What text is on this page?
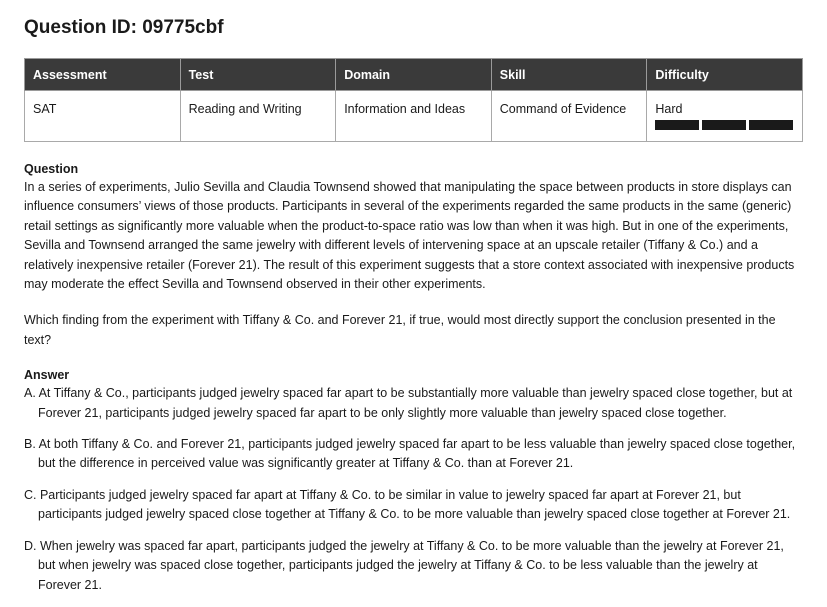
Question ID: 09775cbf
Assessment	Test	Domain	Skill	Difficulty
SAT	Reading and Writing	Information and Ideas	Command of Evidence	Hard
Question

In a series of experiments, Julio Sevilla and Claudia Townsend showed that manipulating the space between products in store displays can influence consumers’ views of those products. Participants in several of the experiments regarded the same products in the same (generic) retail settings as significantly more valuable when the product-to-space ratio was low than when it was high. But in one of the experiments, Sevilla and Townsend arranged the same jewelry with different levels of intervening space at an upscale retailer (Tiffany & Co.) and a relatively inexpensive retailer (Forever 21). The result of this experiment suggests that a store context associated with inexpensive products may moderate the effect Sevilla and Townsend observed in their other experiments.

Which finding from the experiment with Tiffany & Co. and Forever 21, if true, would most directly support the conclusion presented in the text?

Answer
A. At Tiffany & Co., participants judged jewelry spaced far apart to be substantially more valuable than jewelry spaced close together, but at Forever 21, participants judged jewelry spaced far apart to be only slightly more valuable than jewelry spaced close together.
B. At both Tiffany & Co. and Forever 21, participants judged jewelry spaced far apart to be less valuable than jewelry spaced close together, but the difference in perceived value was significantly greater at Tiffany & Co. than at Forever 21.
C. Participants judged jewelry spaced far apart at Tiffany & Co. to be similar in value to jewelry spaced far apart at Forever 21, but participants judged jewelry spaced close together at Tiffany & Co. to be more valuable than jewelry spaced close together at Forever 21.
D. When jewelry was spaced far apart, participants judged the jewelry at Tiffany & Co. to be more valuable than the jewelry at Forever 21, but when jewelry was spaced close together, participants judged the jewelry at Tiffany & Co. to be less valuable than the jewelry at Forever 21.
